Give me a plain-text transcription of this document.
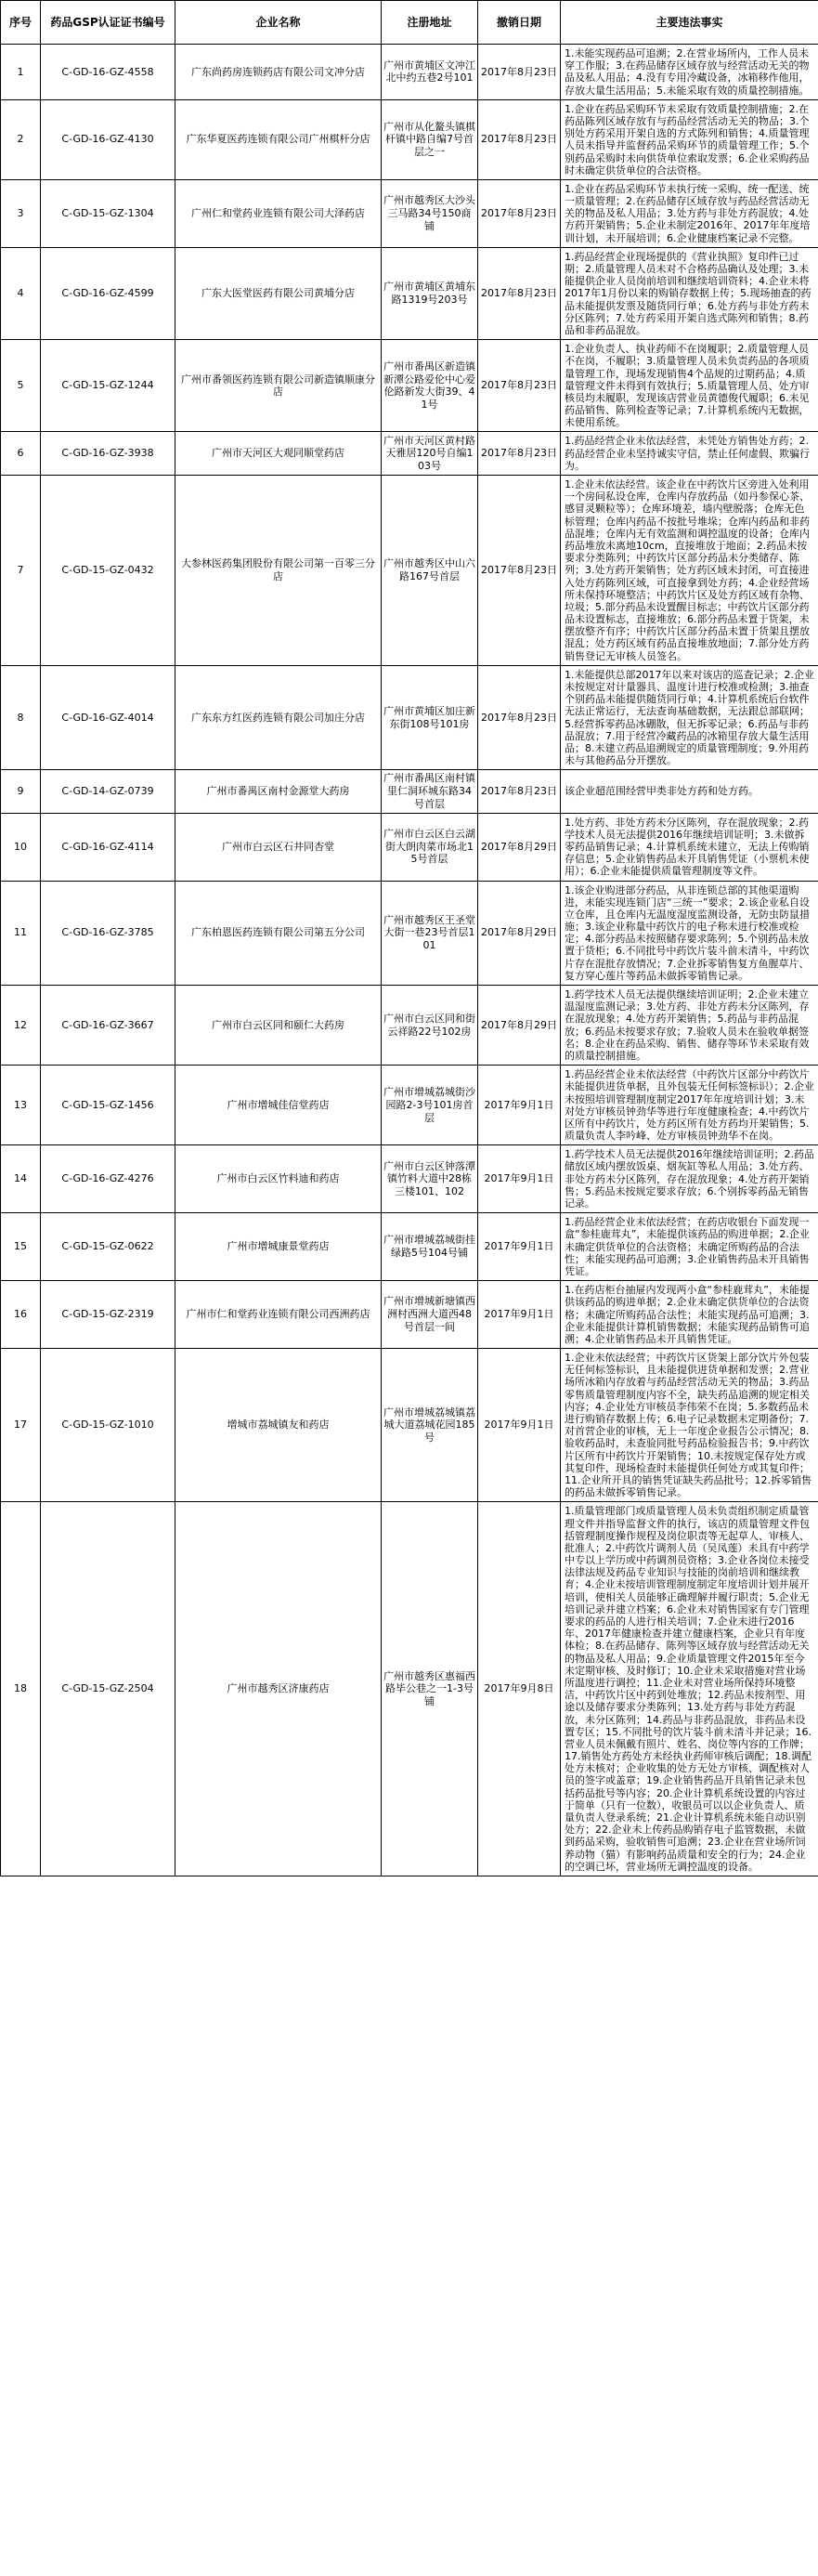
序号	药品GSP认证证书编号	企业名称	注册地址	撤销日期	主要违法事实
1	C-GD-16-GZ-4558	广东尚药房连锁药店有限公司文冲分店	广州市黄埔区文冲江北中约五巷2号101	2017年8月23日	1.未能实现药品可追溯；2.在营业场所内，工作人员未穿工作服；3.在药品储存区域存放与经营活动无关的物品及私人用品；4.没有专用冷藏设备，冰箱移作他用，存放大量生活用品；5.未能采取有效的质量控制措施。
2	C-GD-16-GZ-4130	广东华夏医药连锁有限公司广州棋杆分店	广州市从化鳌头镇棋杆镇中路自编7号首层之一	2017年8月23日	1.企业在药品采购环节未采取有效质量控制措施；2.在药品陈列区域存放有与药品经营活动无关的物品；3.个别处方药采用开架自选的方式陈列和销售；4.质量管理人员未指导并监督药品采购环节的质量管理工作；5.个别药品采购时未向供货单位索取发票；6.企业采购药品时未确定供货单位的合法资格。
3	C-GD-15-GZ-1304	广州仁和堂药业连锁有限公司大泽药店	广州市越秀区大沙头三马路34号150商铺	2017年8月23日	1.企业在药品采购环节未执行统一采购、统一配送、统一质量管理；2.在药品储存区域存放与药品经营活动无关的物品及私人用品；3.处方药与非处方药混放；4.处方药开架销售；5.企业未制定2016年、2017年年度培训计划，未开展培训；6.企业健康档案记录不完整。
4	C-GD-16-GZ-4599	广东大医堂医药有限公司黄埔分店	广州市黄埔区黄埔东路1319号203号	2017年8月23日	1.药品经营企业现场提供的《营业执照》复印件已过期；2.质量管理人员未对不合格药品确认及处理；3.未能提供企业人员岗前培训和继续培训资料；4.企业未将2017年1月份以来的购销存数据上传；5.现场抽查的药品未能提供发票及随货同行单；6.处方药与非处方药未分区陈列；7.处方药采用开架自选式陈列和销售；8.药品和非药品混放。
5	C-GD-15-GZ-1244	广州市番领医药连锁有限公司新造镇顺康分店	广州市番禺区新造镇新潭公路爱伦中心爱伦路新发大街39、41号	2017年8月23日	1.企业负责人、执业药师不在岗履职；2.质量管理人员不在岗，不履职；3.质量管理人员未负责药品的各项质量管理工作，现场发现销售4个品规的过期药品；4.质量管理文件未得到有效执行；5.质量管理人员、处方审核员均未履职，发现该店营业员黄德俊代履职；6.未见药品销售、陈列检查等记录；7.计算机系统内无数据，未使用系统。
6	C-GD-16-GZ-3938	广州市天河区大观同顺堂药店	广州市天河区黄村路天雅居120号自编103号	2017年8月23日	1.药品经营企业未依法经营，未凭处方销售处方药；2.药品经营企业未坚持诚实守信，禁止任何虚假、欺骗行为。
7	C-GD-15-GZ-0432	大参林医药集团股份有限公司第一百零三分店	广州市越秀区中山六路167号首层	2017年8月23日	1.企业未依法经营。该企业在中药饮片区旁进入处利用一个房间私设仓库，仓库内存放药品（如丹参保心茶、感冒灵颗粒等）；仓库环境差，墙内壁脱落；仓库无色标管理；仓库内药品不按批号堆垛；仓库内药品和非药品混堆；仓库内无有效监测和调控温度的设备；仓库内药品堆放未离地10cm，直接堆放于地面；2.药品未按要求分类陈列；中药饮片区部分药品未分类储存、陈列；3.处方药开架销售；处方药区域未封闭，可直接进入处方药陈列区域，可直接拿到处方药；4.企业经营场所未保持环境整洁；中药饮片区及处方药区域有杂物、垃圾；5.部分药品未设置醒目标志；中药饮片区部分药品未设置标志，直接堆放；6.部分药品未置于货架，未摆放整齐有序；中药饮片区部分药品未置于货架且摆放混乱；处方药区域有药品直接堆放地面；7.部分处方药销售登记无审核人员签名。
8	C-GD-16-GZ-4014	广东东方红医药连锁有限公司加庄分店	广州市黄埔区加庄新东街108号101房	2017年8月23日	1.未能提供总部2017年以来对该店的巡查记录；2.企业未按规定对计量器具、温度计进行校准或检测；3.抽查个别药品未能提供随货同行单；4.计算机系统后台软件无法正常运行，无法查询基础数据，无法跟总部联网；5.经营拆零药品冰硼散，但无拆零记录；6.药品与非药品混放；7.用于经营冷藏药品的冰箱里存放大量生活用品；8.未建立药品追溯规定的质量管理制度；9.外用药未与其他药品分开摆放。
9	C-GD-14-GZ-0739	广州市番禺区南村金源堂大药房	广州市番禺区南村镇里仁洞环城东路34号首层	2017年8月23日	该企业超范围经营甲类非处方药和处方药。
10	C-GD-16-GZ-4114	广州市白云区石井同杏堂	广州市白云区白云湖街大朗肉菜市场北15号首层	2017年8月29日	1.处方药、非处方药未分区陈列，存在混放现象；2.药学技术人员无法提供2016年继续培训证明；3.未做拆零药品销售记录；4.计算机系统未建立，无法上传购销存信息；5.企业销售药品未开具销售凭证（小票机未使用）；6.企业未能提供质量管理制度等文件。
11	C-GD-16-GZ-3785	广东柏恩医药连锁有限公司第五分公司	广州市越秀区王圣堂大街一巷23号首层101	2017年8月29日	1.该企业购进部分药品，从非连锁总部的其他渠道购进，未能实现连锁门店“三统一”要求；2.该企业私自设立仓库，且仓库内无温度湿度监测设备，无防虫防鼠措施；3.该企业称量中药饮片的电子称未进行校准或检定；4.部分药品未按照储存要求陈列；5.个别药品未放置于货柜；6.不同批号中药饮片装斗前未清斗，中药饮片存在混批存放情况；7.企业拆零销售复方鱼腥草片、复方穿心莲片等药品未做拆零销售记录。
12	C-GD-16-GZ-3667	广州市白云区同和颐仁大药房	广州市白云区同和街云祥路22号102房	2017年8月29日	1.药学技术人员无法提供继续培训证明；2.企业未建立温湿度监测记录；3.处方药、非处方药未分区陈列，存在混放现象；4.处方药开架销售；5.药品与非药品混放；6.药品未按要求存放；7.验收人员未在验收单据签名；8.企业在药品采购、销售、储存等环节未采取有效的质量控制措施。
13	C-GD-15-GZ-1456	广州市增城佳信堂药店	广州市增城荔城街沙园路2-3号101房首层	2017年9月1日	1.药品经营企业未依法经营（中药饮片区部分中药饮片未能提供进货单据，且外包装无任何标签标识）；2.企业未按照培训管理制度制定2017年年度培训计划；3.未对处方审核员钟劲华等进行年度健康检查；4.中药饮片区所有中药饮片，处方药区所有处方药均开架销售；5.质量负责人李吟峰、处方审核员钟劲华不在岗。
14	C-GD-16-GZ-4276	广州市白云区竹料迪和药店	广州市白云区钟落潭镇竹料大道中28栋三楼101、102	2017年9月1日	1.药学技术人员无法提供2016年继续培训证明；2.药品储放区域内摆放饭桌、烟灰缸等私人用品；3.处方药、非处方药未分区陈列，存在混放现象；4.处方药开架销售；5.药品未按规定要求存放；6.个别拆零药品无销售记录。
15	C-GD-15-GZ-0622	广州市增城康景堂药店	广州市增城荔城街挂绿路5号104号铺	2017年9月1日	1.药品经营企业未依法经营；在药店收银台下面发现一盒“参桂鹿茸丸”，未能提供该药品的购进单据；2.企业未确定供货单位的合法资格；未确定所购药品的合法性；未能实现药品可追溯；3.企业销售药品未开具销售凭证。
16	C-GD-15-GZ-2319	广州市仁和堂药业连锁有限公司西洲药店	广州市增城新塘镇西洲村西洲大道西48号首层一间	2017年9月1日	1.在药店柜台抽屉内发现两小盒“参桂鹿茸丸”，未能提供该药品的购进单据；2.企业未确定供货单位的合法资格；未确定所购药品合法性；未能实现药品可追溯；3.企业未能提供计算机销售数据；未能实现药品销售可追溯；4.企业销售药品未开具销售凭证。
17	C-GD-15-GZ-1010	增城市荔城镇友和药店	广州市增城荔城镇荔城大道荔城花园185号	2017年9月1日	1.企业未依法经营；中药饮片区货架上部分饮片外包装无任何标签标识，且未能提供进货单据和发票；2.营业场所冰箱内存放着与药品经营活动无关的物品；3.药品零售质量管理制度内容不全，缺失药品追溯的规定相关内容；4.企业处方审核员李伟荣不在岗；5.多数药品未进行购销存数据上传；6.电子记录数据未定期备份；7.对首营企业的审核，无上一年度企业报告公示情况；8.验收药品时，未查验同批号药品检验报告书；9.中药饮片区所有中药饮片开架销售；10.未按规定保存处方或其复印件，现场检查时未能提供任何处方或其复印件；11.企业所开具的销售凭证缺失药品批号；12.拆零销售的药品未做拆零销售记录。
18	C-GD-15-GZ-2504	广州市越秀区济康药店	广州市越秀区惠福西路毕公巷之一1-3号铺	2017年9月8日	1.质量管理部门或质量管理人员未负责组织制定质量管理文件并指导监督文件的执行，该店的质量管理文件包括管理制度操作规程及岗位职责等无起草人、审核人、批准人；2.中药饮片调剂人员（吴凤莲）未具有中药学中专以上学历或中药调剂员资格；3.企业各岗位未接受法律法规及药品专业知识与技能的岗前培训和继续教育；4.企业未按培训管理制度制定年度培训计划并展开培训，使相关人员能够正确理解并履行职责；5.企业无培训记录并建立档案；6.企业未对销售国家有专门管理要求的药品的人进行相关培训；7.企业未进行2016年、2017年健康检查并建立健康档案，企业只有年度体检；8.在药品储存、陈列等区域存放与经营活动无关的物品及私人用品；9.企业质量管理文件2015年至今未定期审核、及时修订；10.企业未采取措施对营业场所温度进行调控；11.企业未对营业场所保持环境整洁，中药饮片区中药到处堆放；12.药品未按剂型、用途以及储存要求分类陈列；13.处方药与非处方药混放，未分区陈列；14.药品与非药品混放，非药品未设置专区；15.不同批号的饮片装斗前未清斗并记录；16.营业人员未佩戴有照片、姓名、岗位等内容的工作牌；17.销售处方药处方未经执业药师审核后调配；18.调配处方未核对；企业收集的处方无处方审核、调配核对人员的签字或盖章；19.企业销售药品开具销售记录未包括药品批号等内容；20.企业计算机系统设置的内容过于简单（只有一位数），收银员可以以企业负责人、质量负责人登录系统；21.企业计算机系统未能自动识别处方；22.企业未上传药品购销存电子监管数据，未做到药品采购，验收销售可追溯；23.企业在营业场所饲养动物（猫）有影响药品质量和安全的行为；24.企业的空调已坏，营业场所无调控温度的设备。
